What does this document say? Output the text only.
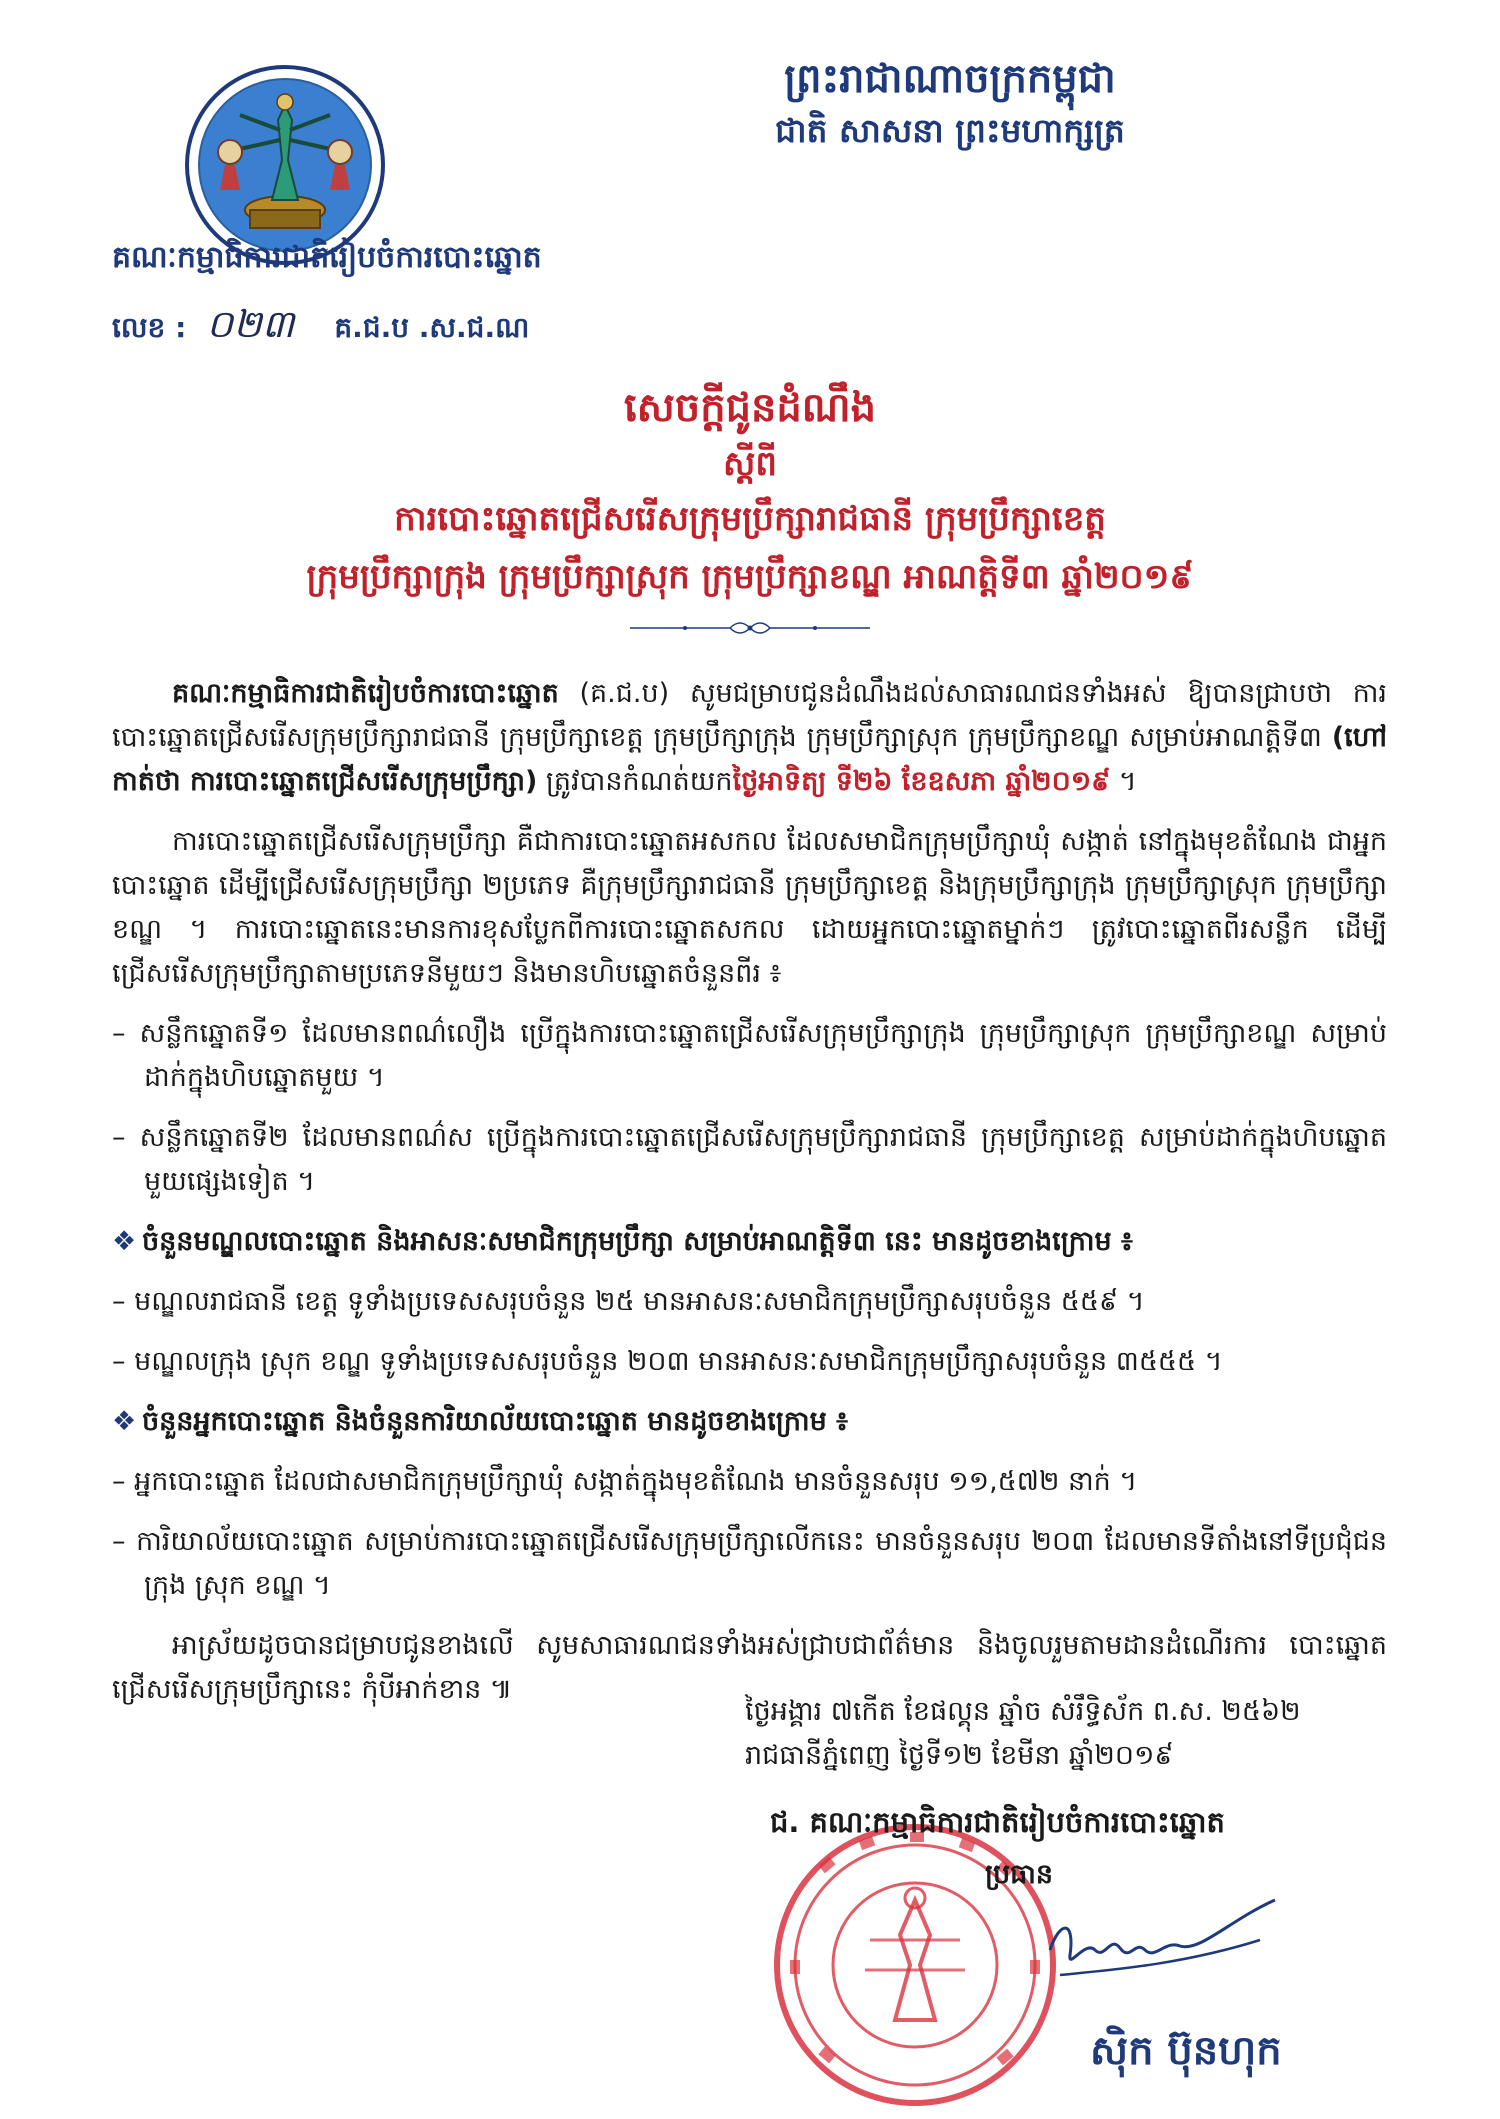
ព្រះរាជាណាចក្រកម្ពុជា
ជាតិ សាសនា ព្រះមហាក្សត្រ
គណៈកម្មាធិការជាតិរៀបចំការបោះឆ្នោត
លេខ : ០២៣ គ.ជ.ប .ស.ជ.ណ
សេចក្តីជូនដំណឹង
ស្តីពី
ការបោះឆ្នោតជ្រើសរើសក្រុមប្រឹក្សារាជធានី ក្រុមប្រឹក្សាខេត្ត
ក្រុមប្រឹក្សាក្រុង ក្រុមប្រឹក្សាស្រុក ក្រុមប្រឹក្សាខណ្ឌ អាណត្តិទី៣ ឆ្នាំ២០១៩

គណៈកម្មាធិការជាតិរៀបចំការបោះឆ្នោត (គ.ជ.ប) សូមជម្រាបជូនដំណឹងដល់សាធារណជនទាំងអស់ ឱ្យបានជ្រាបថា ការបោះឆ្នោតជ្រើសរើសក្រុមប្រឹក្សារាជធានី ក្រុមប្រឹក្សាខេត្ត ក្រុមប្រឹក្សាក្រុង ក្រុមប្រឹក្សាស្រុក ក្រុមប្រឹក្សាខណ្ឌ សម្រាប់អាណត្តិទី៣ (ហៅកាត់ថា ការបោះឆ្នោតជ្រើសរើសក្រុមប្រឹក្សា) ត្រូវបានកំណត់យកថ្ងៃអាទិត្យ ទី២៦ ខែឧសភា ឆ្នាំ២០១៩ ។

ការបោះឆ្នោតជ្រើសរើសក្រុមប្រឹក្សា គឺជាការបោះឆ្នោតអសកល ដែលសមាជិកក្រុមប្រឹក្សាឃុំ សង្កាត់ នៅក្នុងមុខតំណែង ជាអ្នកបោះឆ្នោត ដើម្បីជ្រើសរើសក្រុមប្រឹក្សា ២ប្រភេទ គឺក្រុមប្រឹក្សារាជធានី ក្រុមប្រឹក្សាខេត្ត និងក្រុមប្រឹក្សាក្រុង ក្រុមប្រឹក្សាស្រុក ក្រុមប្រឹក្សាខណ្ឌ ។ ការបោះឆ្នោតនេះមានការខុសប្លែកពីការបោះឆ្នោតសកល ដោយអ្នកបោះឆ្នោតម្នាក់ៗ ត្រូវបោះឆ្នោតពីរសន្លឹក ដើម្បីជ្រើសរើសក្រុមប្រឹក្សាតាមប្រភេទនីមួយៗ និងមានហិបឆ្នោតចំនួនពីរ ៖

– សន្លឹកឆ្នោតទី១ ដែលមានពណ៌លឿង ប្រើក្នុងការបោះឆ្នោតជ្រើសរើសក្រុមប្រឹក្សាក្រុង ក្រុមប្រឹក្សាស្រុក ក្រុមប្រឹក្សាខណ្ឌ សម្រាប់ដាក់ក្នុងហិបឆ្នោតមួយ ។

– សន្លឹកឆ្នោតទី២ ដែលមានពណ៌ស ប្រើក្នុងការបោះឆ្នោតជ្រើសរើសក្រុមប្រឹក្សារាជធានី ក្រុមប្រឹក្សាខេត្ត សម្រាប់ដាក់ក្នុងហិបឆ្នោតមួយផ្សេងទៀត ។

❖ ចំនួនមណ្ឌលបោះឆ្នោត និងអាសនៈសមាជិកក្រុមប្រឹក្សា សម្រាប់អាណត្តិទី៣ នេះ មានដូចខាងក្រោម ៖

– មណ្ឌលរាជធានី ខេត្ត ទូទាំងប្រទេសសរុបចំនួន ២៥ មានអាសនៈសមាជិកក្រុមប្រឹក្សាសរុបចំនួន ៥៥៩ ។

– មណ្ឌលក្រុង ស្រុក ខណ្ឌ ទូទាំងប្រទេសសរុបចំនួន ២០៣ មានអាសនៈសមាជិកក្រុមប្រឹក្សាសរុបចំនួន ៣៥៥៥ ។

❖ ចំនួនអ្នកបោះឆ្នោត និងចំនួនការិយាល័យបោះឆ្នោត មានដូចខាងក្រោម ៖

– អ្នកបោះឆ្នោត ដែលជាសមាជិកក្រុមប្រឹក្សាឃុំ សង្កាត់ក្នុងមុខតំណែង មានចំនួនសរុប ១១,៥៧២ នាក់ ។

– ការិយាល័យបោះឆ្នោត សម្រាប់ការបោះឆ្នោតជ្រើសរើសក្រុមប្រឹក្សាលើកនេះ មានចំនួនសរុប ២០៣ ដែលមានទីតាំងនៅទីប្រជុំជនក្រុង ស្រុក ខណ្ឌ ។

អាស្រ័យដូចបានជម្រាបជូនខាងលើ សូមសាធារណជនទាំងអស់ជ្រាបជាព័ត៌មាន និងចូលរួមតាមដានដំណើរការ បោះឆ្នោតជ្រើសរើសក្រុមប្រឹក្សានេះ កុំបីអាក់ខាន ៕

ថ្ងៃអង្គារ ៧កើត ខែផល្គុន ឆ្នាំច សំរឹទ្ធិស័ក ព.ស. ២៥៦២
រាជធានីភ្នំពេញ ថ្ងៃទី១២ ខែមីនា ឆ្នាំ២០១៩
ជ. គណៈកម្មាធិការជាតិរៀបចំការបោះឆ្នោត
ប្រធាន
ស៊ិក ប៊ុនហុក
